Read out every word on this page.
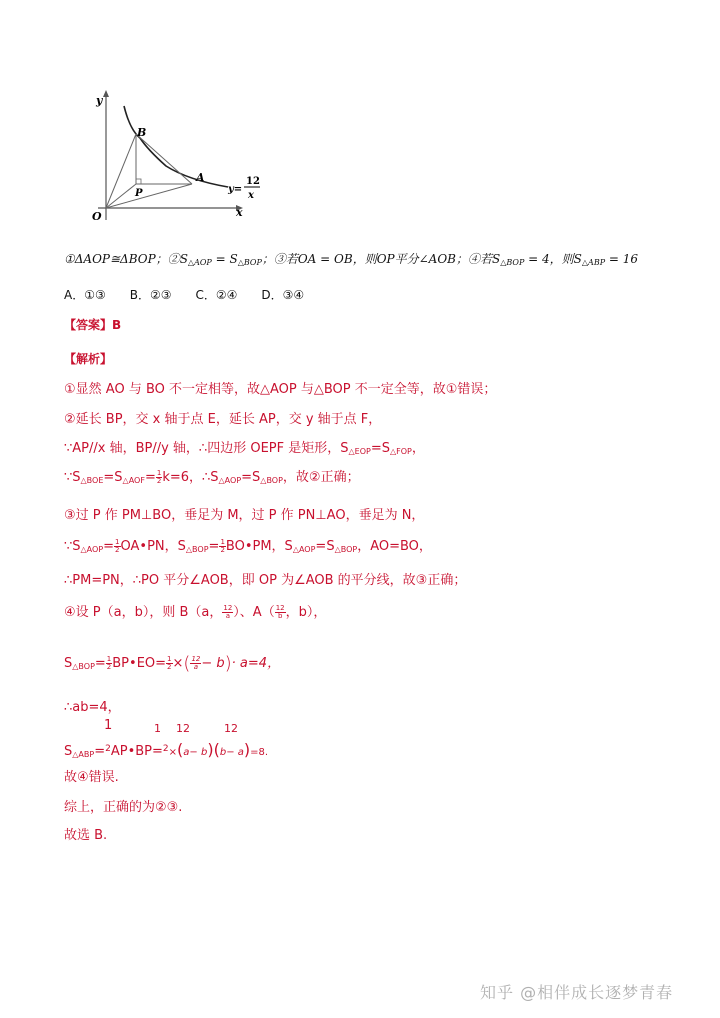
y
x
O
B
A
P	y=
12
x
①ΔAOP≅ΔBOP；$②S_{\triangle AOP} = S_{\triangle BOP}$；③若OA = OB，则OP平分∠AOB；④若$S_{\triangle BOP} = 4$，则$S_{\triangle ABP} = 16$
A．①③　　B．②③　　C．②④　　D．③④
【答案】B
【解析】
①显然 AO 与 BO 不一定相等，故△AOP 与△BOP 不一定全等，故①错误；
②延长 BP，交 x 轴于点 E，延长 AP，交 y 轴于点 F，
∵AP//x 轴，BP//y 轴，∴四边形 OEPF 是矩形，$S_{\triangle EOP}=S_{\triangle FOP}$，
$\because S_{\triangle BOE}=S_{\triangle AOF}= \frac{1}{2} k=6$，$\therefore S_{\triangle AOP}=S_{\triangle BOP}$，故②正确；
③过 P 作 PM⊥BO，垂足为 M，过 P 作 PN⊥AO，垂足为 N，
$\because S_{\triangle AOP}= \frac{1}{2}$ OA•PN，$S_{\triangle BOP}= \frac{1}{2}$ BO•PM，$S_{\triangle AOP}=S_{\triangle BOP}$，AO=BO，
∴PM=PN，∴PO 平分∠AOB，即 OP 为∠AOB 的平分线，故③正确；
④设 P（a，b），则 B（a， $\frac{12}{a}$ ）、$A( \frac{12}{b}$ ，b），
$S_{\triangle BOP}= \frac{1}{2}$ BP•EO= $\frac{1}{2}$ ×( $\frac{12}{a} - b)\cdot a=4$，
∴ab=4，
1	1 12	12
$S_{\triangle ABP}=^2AP•BP=^2\times(a- b)(b- a)=8$.
故④错误.
综上，正确的为②③.
故选 B.
知乎 @相伴成长逐梦青春
